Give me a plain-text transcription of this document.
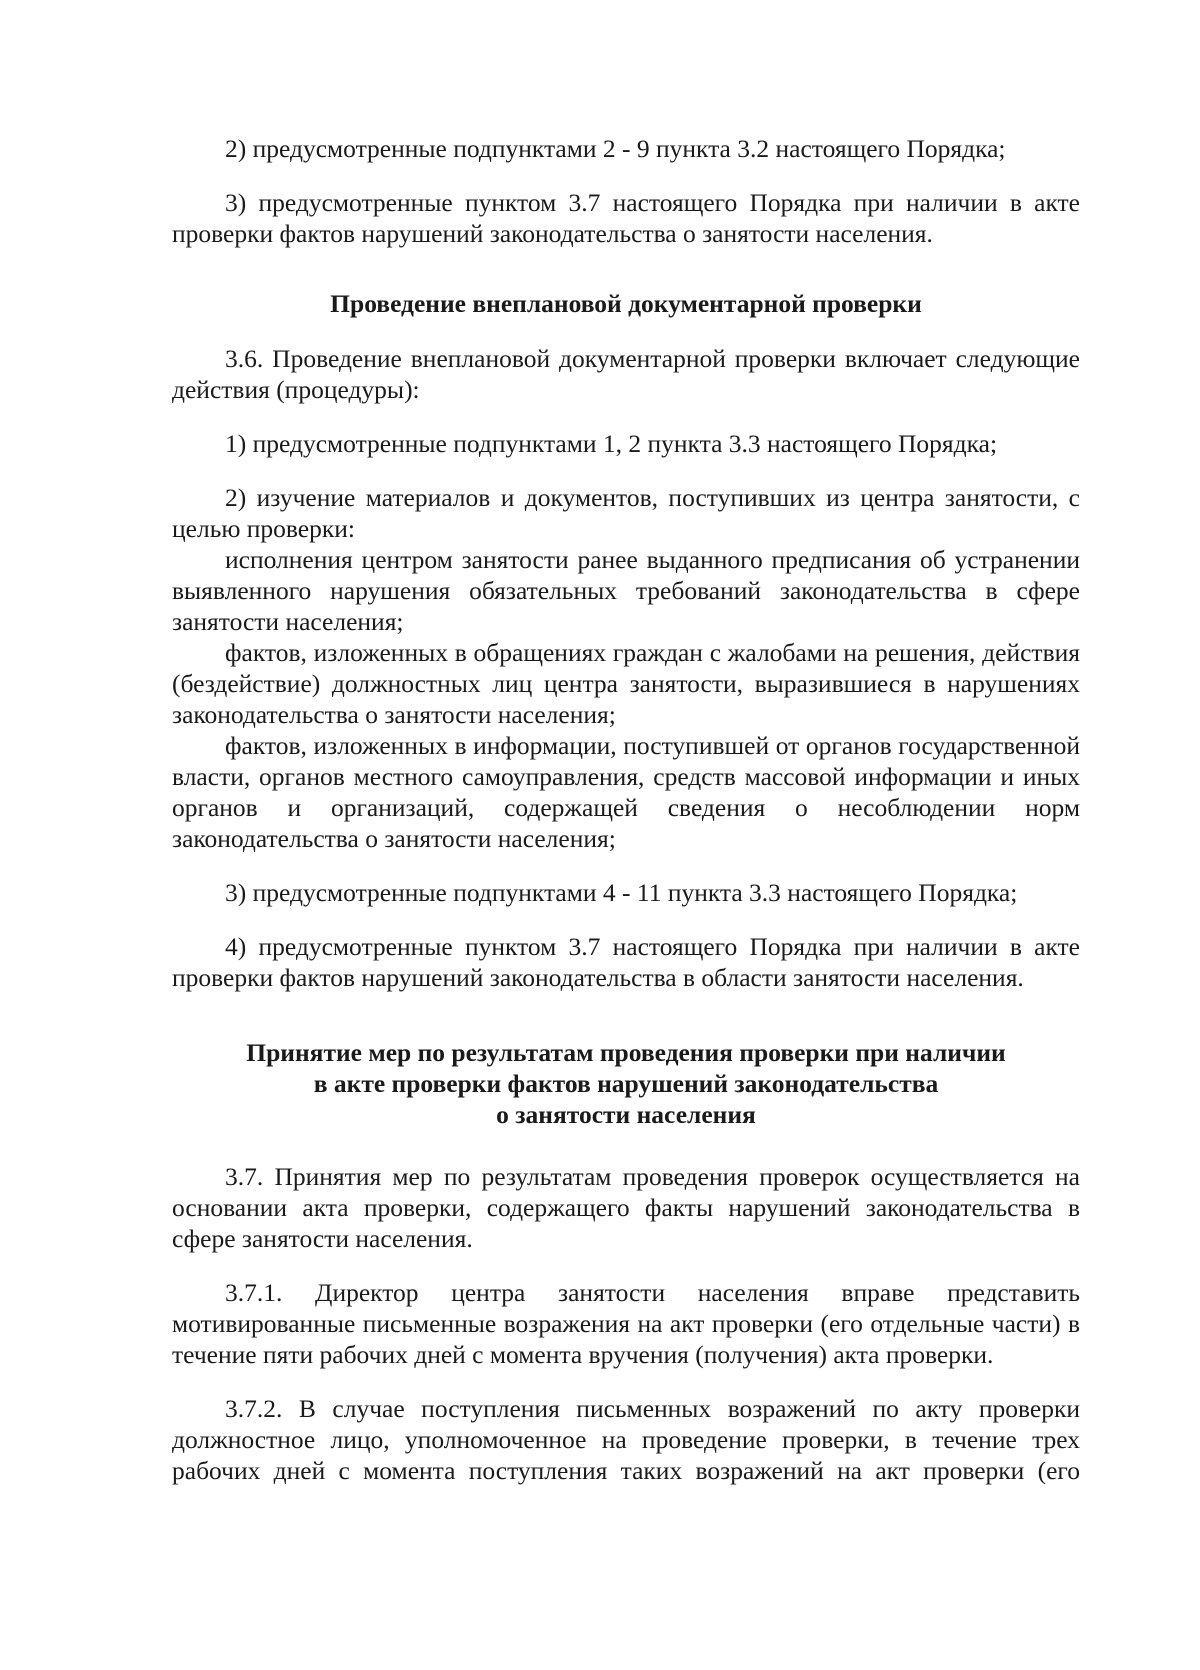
2) предусмотренные подпунктами 2 - 9 пункта 3.2 настоящего Порядка;

3) предусмотренные пунктом 3.7 настоящего Порядка при наличии в акте проверки фактов нарушений законодательства о занятости населения.

Проведение внеплановой документарной проверки

3.6. Проведение внеплановой документарной проверки включает следующие действия (процедуры):

1) предусмотренные подпунктами 1, 2 пункта 3.3 настоящего Порядка;

2) изучение материалов и документов, поступивших из центра занятости, с целью проверки:

исполнения центром занятости ранее выданного предписания об устранении выявленного нарушения обязательных требований законодательства в сфере занятости населения;

фактов, изложенных в обращениях граждан с жалобами на решения, действия (бездействие) должностных лиц центра занятости, выразившиеся в нарушениях законодательства о занятости населения;

фактов, изложенных в информации, поступившей от органов государственной власти, органов местного самоуправления, средств массовой информации и иных органов и организаций, содержащей сведения о несоблюдении норм законодательства о занятости населения;

3) предусмотренные подпунктами 4 - 11 пункта 3.3 настоящего Порядка;

4) предусмотренные пунктом 3.7 настоящего Порядка при наличии в акте проверки фактов нарушений законодательства в области занятости населения.

Принятие мер по результатам проведения проверки при наличии
в акте проверки фактов нарушений законодательства
о занятости населения

3.7. Принятия мер по результатам проведения проверок осуществляется на основании акта проверки, содержащего факты нарушений законодательства в сфере занятости населения.

3.7.1. Директор центра занятости населения вправе представить мотивированные письменные возражения на акт проверки (его отдельные части) в течение пяти рабочих дней с момента вручения (получения) акта проверки.

3.7.2. В случае поступления письменных возражений по акту проверки должностное лицо, уполномоченное на проведение проверки, в течение трех рабочих дней с момента поступления таких возражений на акт проверки (его
